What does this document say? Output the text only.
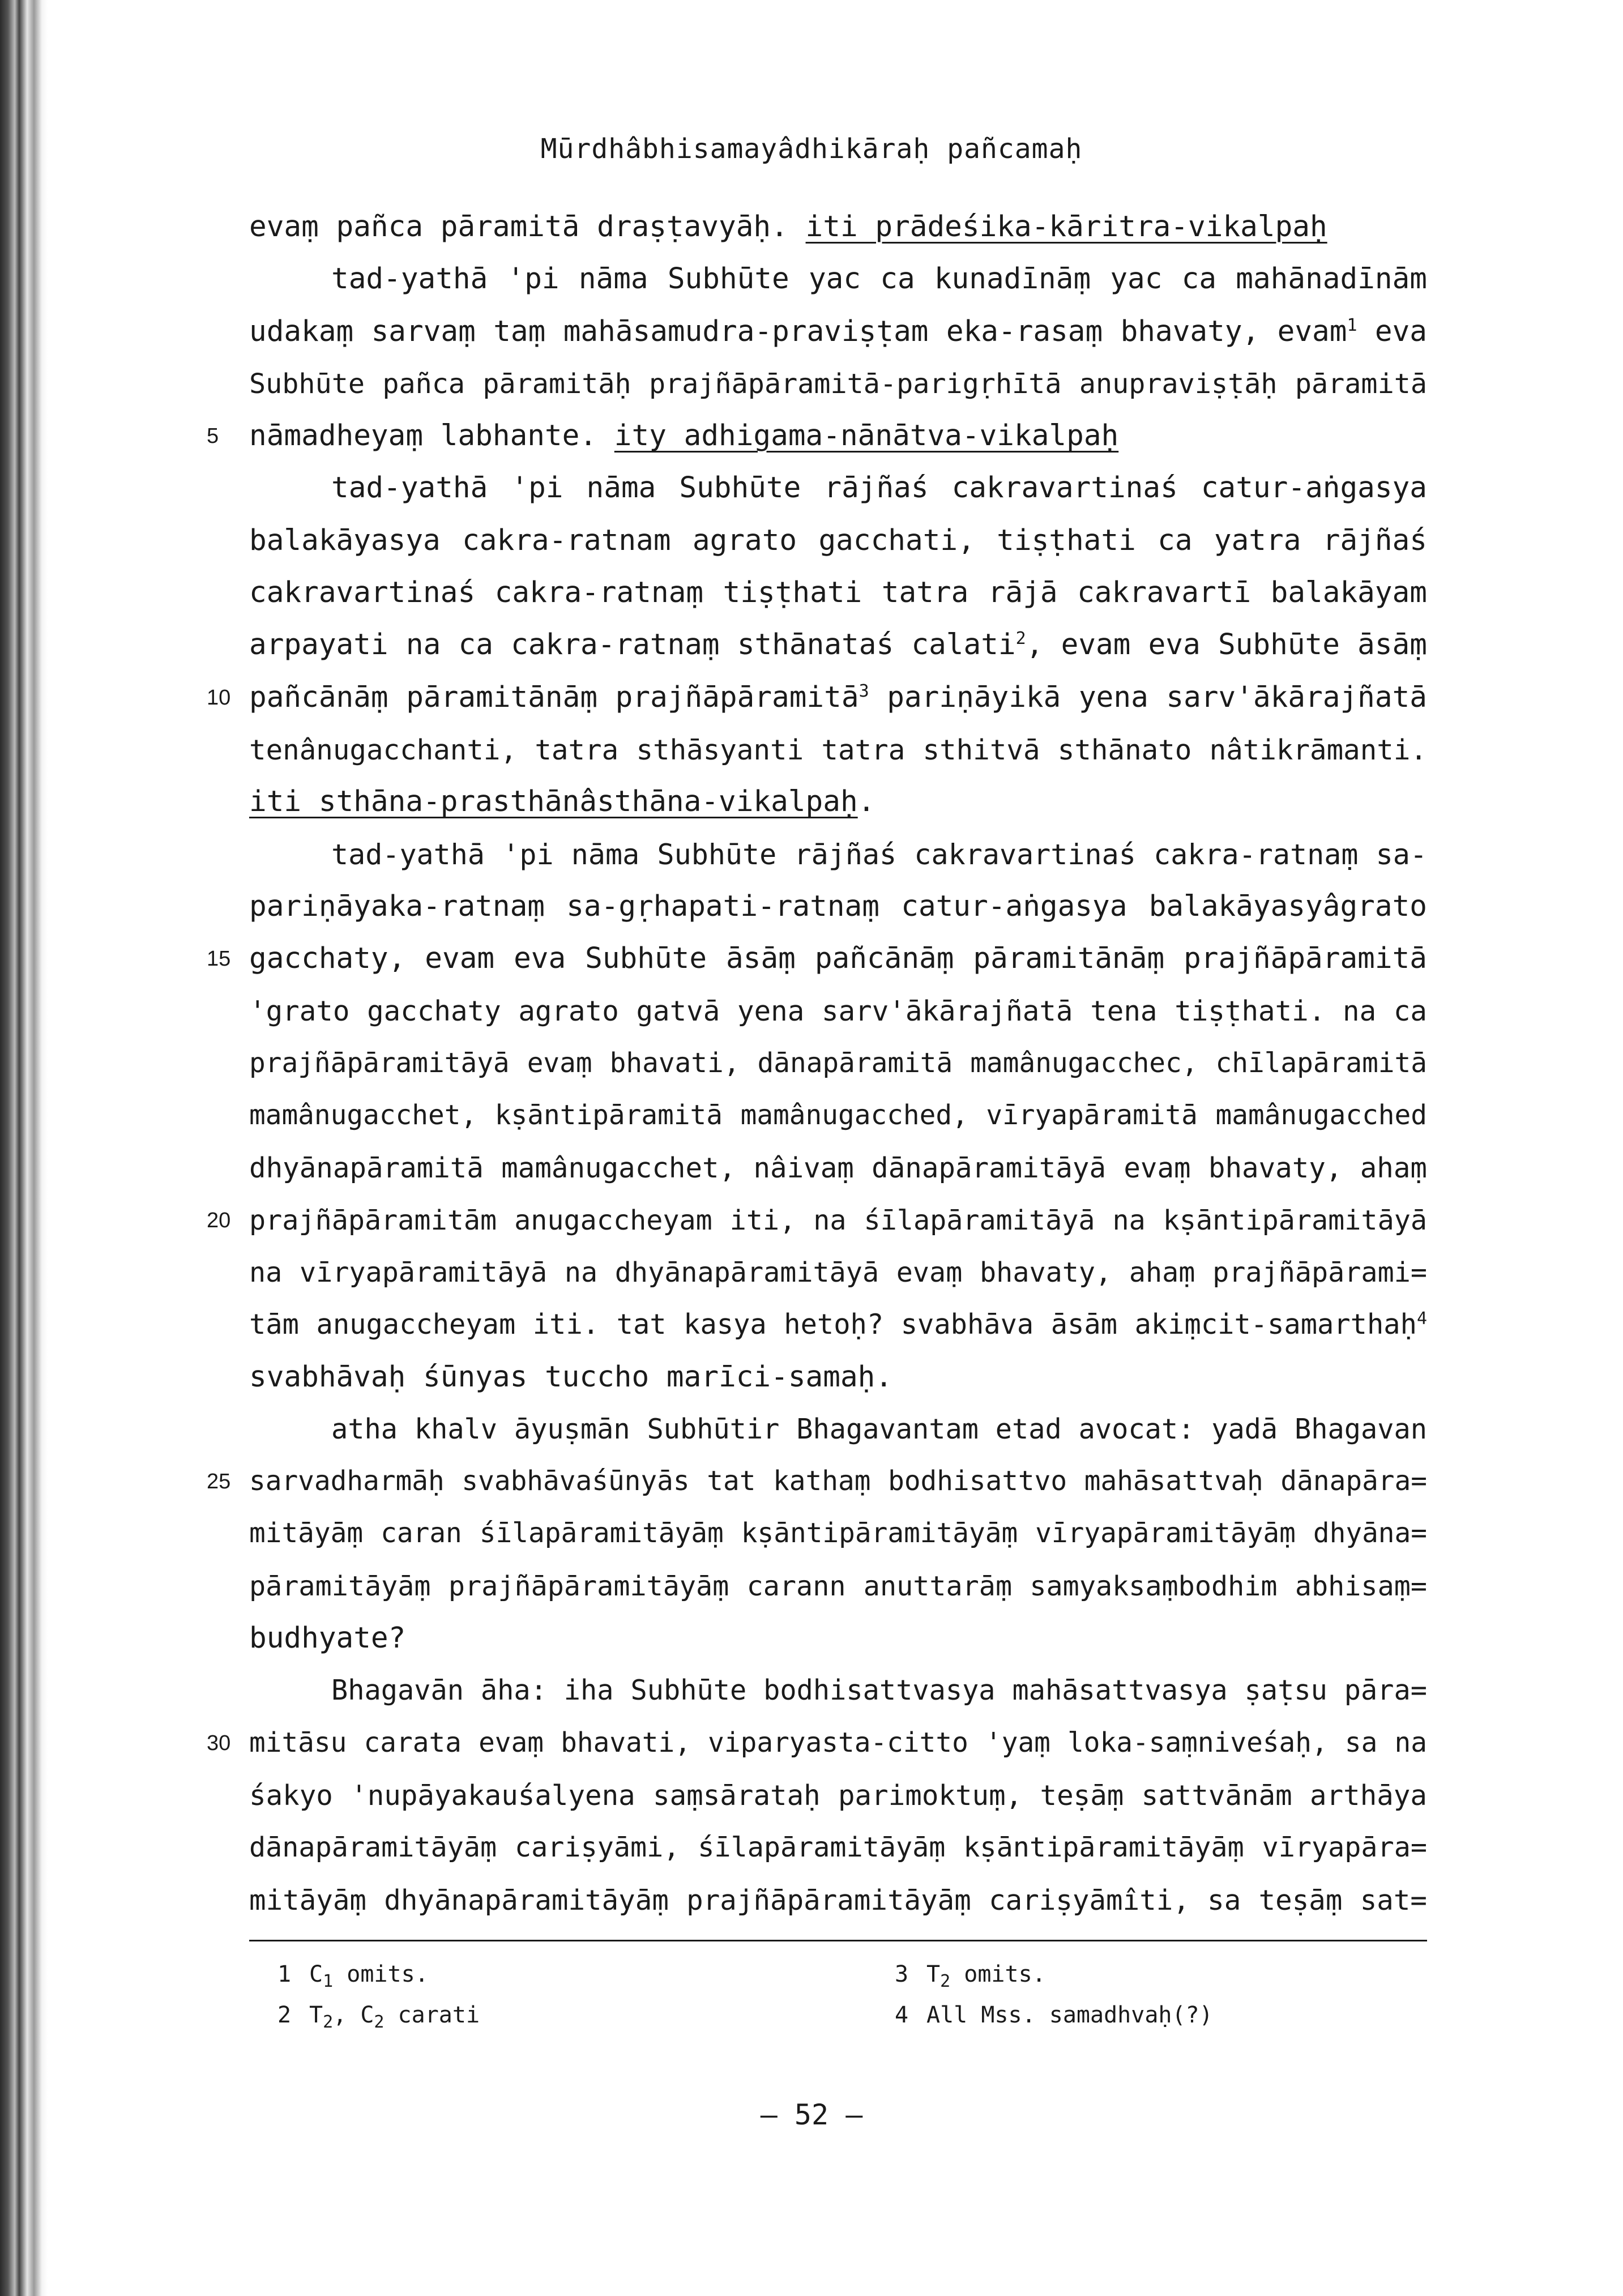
Mūrdhâbhisamayâdhikāraḥ pañcamaḥ
evaṃ pañca pāramitā draṣṭavyāḥ. iti prādeśika-kāritra-vikalpaḥ
tad-yathā 'pi nāma Subhūte yac ca kunadīnāṃ yac ca mahānadīnām
udakaṃ sarvaṃ taṃ mahāsamudra-praviṣṭam eka-rasaṃ bhavaty, evam$^1$ eva
Subhūte pañca pāramitāḥ prajñāpāramitā-parigṛhītā anupraviṣṭāḥ pāramitā
5 nāmadheyaṃ labhante. ity adhigama-nānātva-vikalpaḥ
tad-yathā 'pi nāma Subhūte rājñaś cakravartinaś catur-aṅgasya
balakāyasya cakra-ratnam agrato gacchati, tiṣṭhati ca yatra rājñaś
cakravartinaś cakra-ratnaṃ tiṣṭhati tatra rājā cakravartī balakāyam
arpayati na ca cakra-ratnaṃ sthānataś calati$^2$, evam eva Subhūte āsāṃ
10 pañcānāṃ pāramitānāṃ prajñāpāramitā$^3$ pariṇāyikā yena sarv'ākārajñatā
tenânugacchanti, tatra sthāsyanti tatra sthitvā sthānato nâtikrāmanti.
iti sthāna-prasthānâsthāna-vikalpaḥ.
tad-yathā 'pi nāma Subhūte rājñaś cakravartinaś cakra-ratnaṃ sa-
pariṇāyaka-ratnaṃ sa-gṛhapati-ratnaṃ catur-aṅgasya balakāyasyâgrato
15 gacchaty, evam eva Subhūte āsāṃ pañcānāṃ pāramitānāṃ prajñāpāramitā
'grato gacchaty agrato gatvā yena sarv'ākārajñatā tena tiṣṭhati. na ca
prajñāpāramitāyā evaṃ bhavati, dānapāramitā mamânugacchec, chīlapāramitā
mamânugacchet, kṣāntipāramitā mamânugacched, vīryapāramitā mamânugacched
dhyānapāramitā mamânugacchet, nâivaṃ dānapāramitāyā evaṃ bhavaty, ahaṃ
20 prajñāpāramitām anugaccheyam iti, na śīlapāramitāyā na kṣāntipāramitāyā
na vīryapāramitāyā na dhyānapāramitāyā evaṃ bhavaty, ahaṃ prajñāpārami=
tām anugaccheyam iti. tat kasya hetoḥ? svabhāva āsām akiṃcit-samarthaḥ$^4$
svabhāvaḥ śūnyas tuccho marīci-samaḥ.
atha khalv āyuṣmān Subhūtir Bhagavantam etad avocat: yadā Bhagavan
25 sarvadharmāḥ svabhāvaśūnyās tat kathaṃ bodhisattvo mahāsattvaḥ dānapāra=
mitāyāṃ caran śīlapāramitāyāṃ kṣāntipāramitāyāṃ vīryapāramitāyāṃ dhyāna=
pāramitāyāṃ prajñāpāramitāyāṃ carann anuttarāṃ samyaksaṃbodhim abhisaṃ=
budhyate?
Bhagavān āha: iha Subhūte bodhisattvasya mahāsattvasya ṣaṭsu pāra=
30 mitāsu carata evaṃ bhavati, viparyasta-citto 'yaṃ loka-saṃniveśaḥ, sa na
śakyo 'nupāyakauśalyena saṃsārataḥ parimoktuṃ, teṣāṃ sattvānām arthāya
dānapāramitāyāṃ cariṣyāmi, śīlapāramitāyāṃ kṣāntipāramitāyāṃ vīryapāra=
mitāyāṃ dhyānapāramitāyāṃ prajñāpāramitāyāṃ cariṣyāmîti, sa teṣāṃ sat=
1 $C_1$ omits.	3 $T_2$ omits.
2 $T_2$, $C_2$ carati	4 All Mss. samadhvaḥ(?)
— 52 —
